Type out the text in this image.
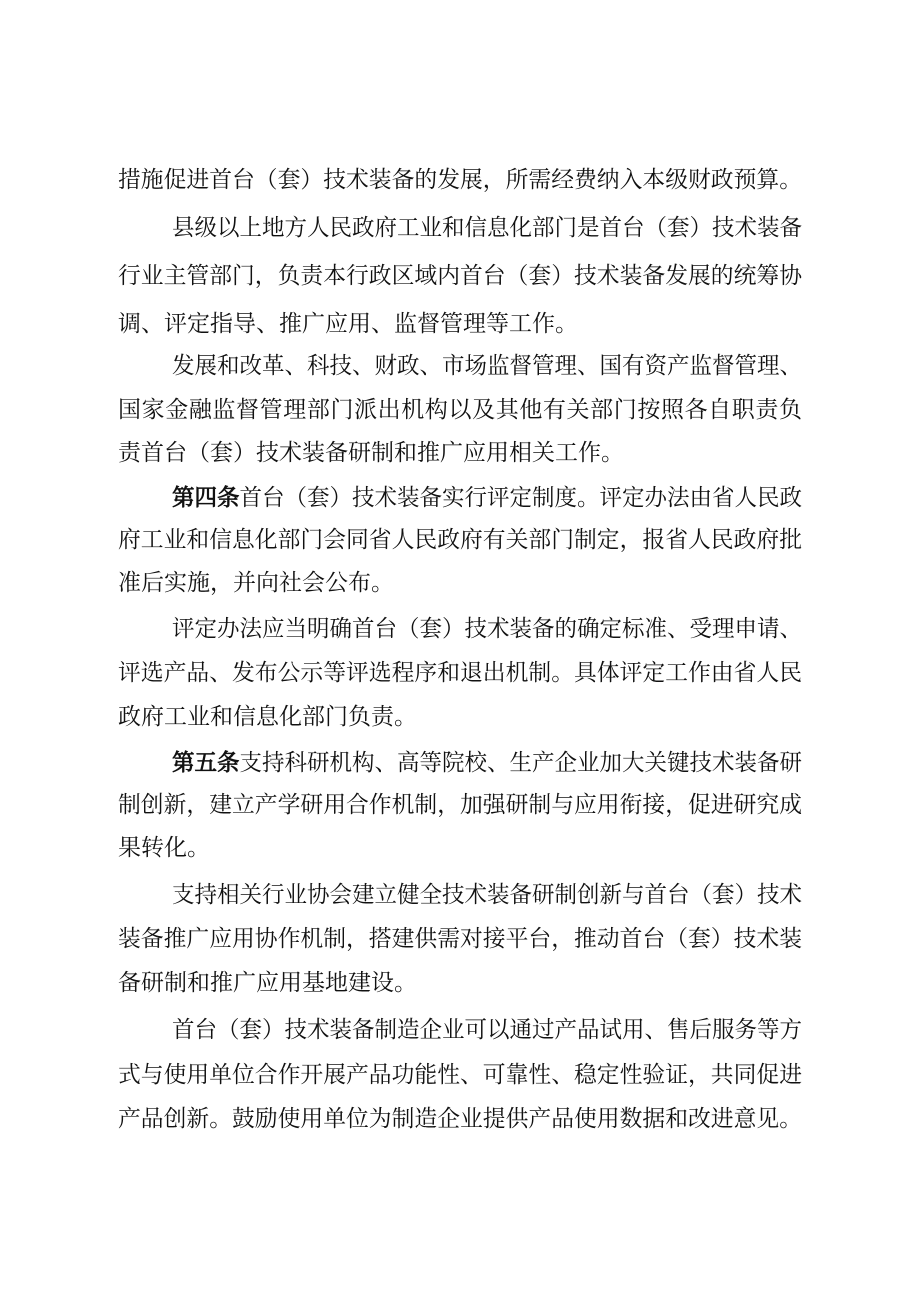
措施促进首台（套）技术装备的发展，所需经费纳入本级财政预算。
县级以上地方人民政府工业和信息化部门是首台（套）技术装备
行业主管部门，负责本行政区域内首台（套）技术装备发展的统筹协
调、评定指导、推广应用、监督管理等工作。
发展和改革、科技、财政、市场监督管理、国有资产监督管理、
国家金融监督管理部门派出机构以及其他有关部门按照各自职责负
责首台（套）技术装备研制和推广应用相关工作。
第四条首台（套）技术装备实行评定制度。评定办法由省人民政
府工业和信息化部门会同省人民政府有关部门制定，报省人民政府批
准后实施，并向社会公布。
评定办法应当明确首台（套）技术装备的确定标准、受理申请、
评选产品、发布公示等评选程序和退出机制。具体评定工作由省人民
政府工业和信息化部门负责。
第五条支持科研机构、高等院校、生产企业加大关键技术装备研
制创新，建立产学研用合作机制，加强研制与应用衔接，促进研究成
果转化。
支持相关行业协会建立健全技术装备研制创新与首台（套）技术
装备推广应用协作机制，搭建供需对接平台，推动首台（套）技术装
备研制和推广应用基地建设。
首台（套）技术装备制造企业可以通过产品试用、售后服务等方
式与使用单位合作开展产品功能性、可靠性、稳定性验证，共同促进
产品创新。鼓励使用单位为制造企业提供产品使用数据和改进意见。
